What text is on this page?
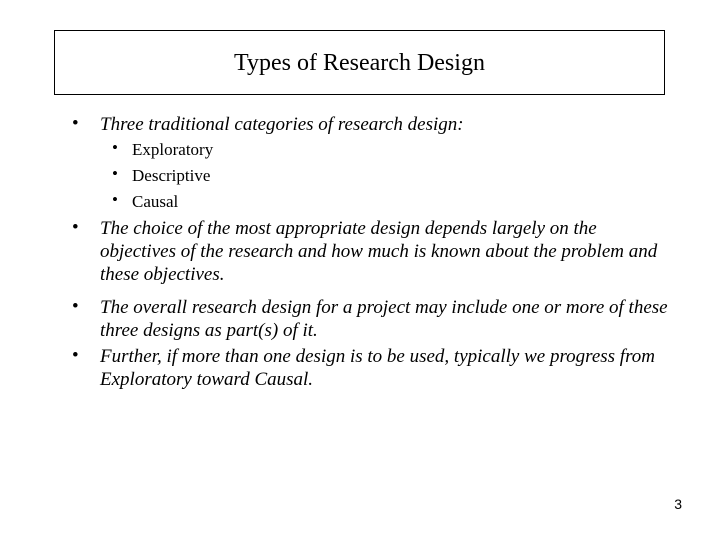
Types of Research Design
• Three traditional categories of research design:
• Exploratory
• Descriptive
• Causal
• The choice of the most appropriate design depends largely on the objectives of the research and how much is known about the problem and these objectives.
• The overall research design for a project may include one or more of these three designs as part(s) of it.
• Further, if more than one design is to be used, typically we progress from Exploratory toward Causal.
3
